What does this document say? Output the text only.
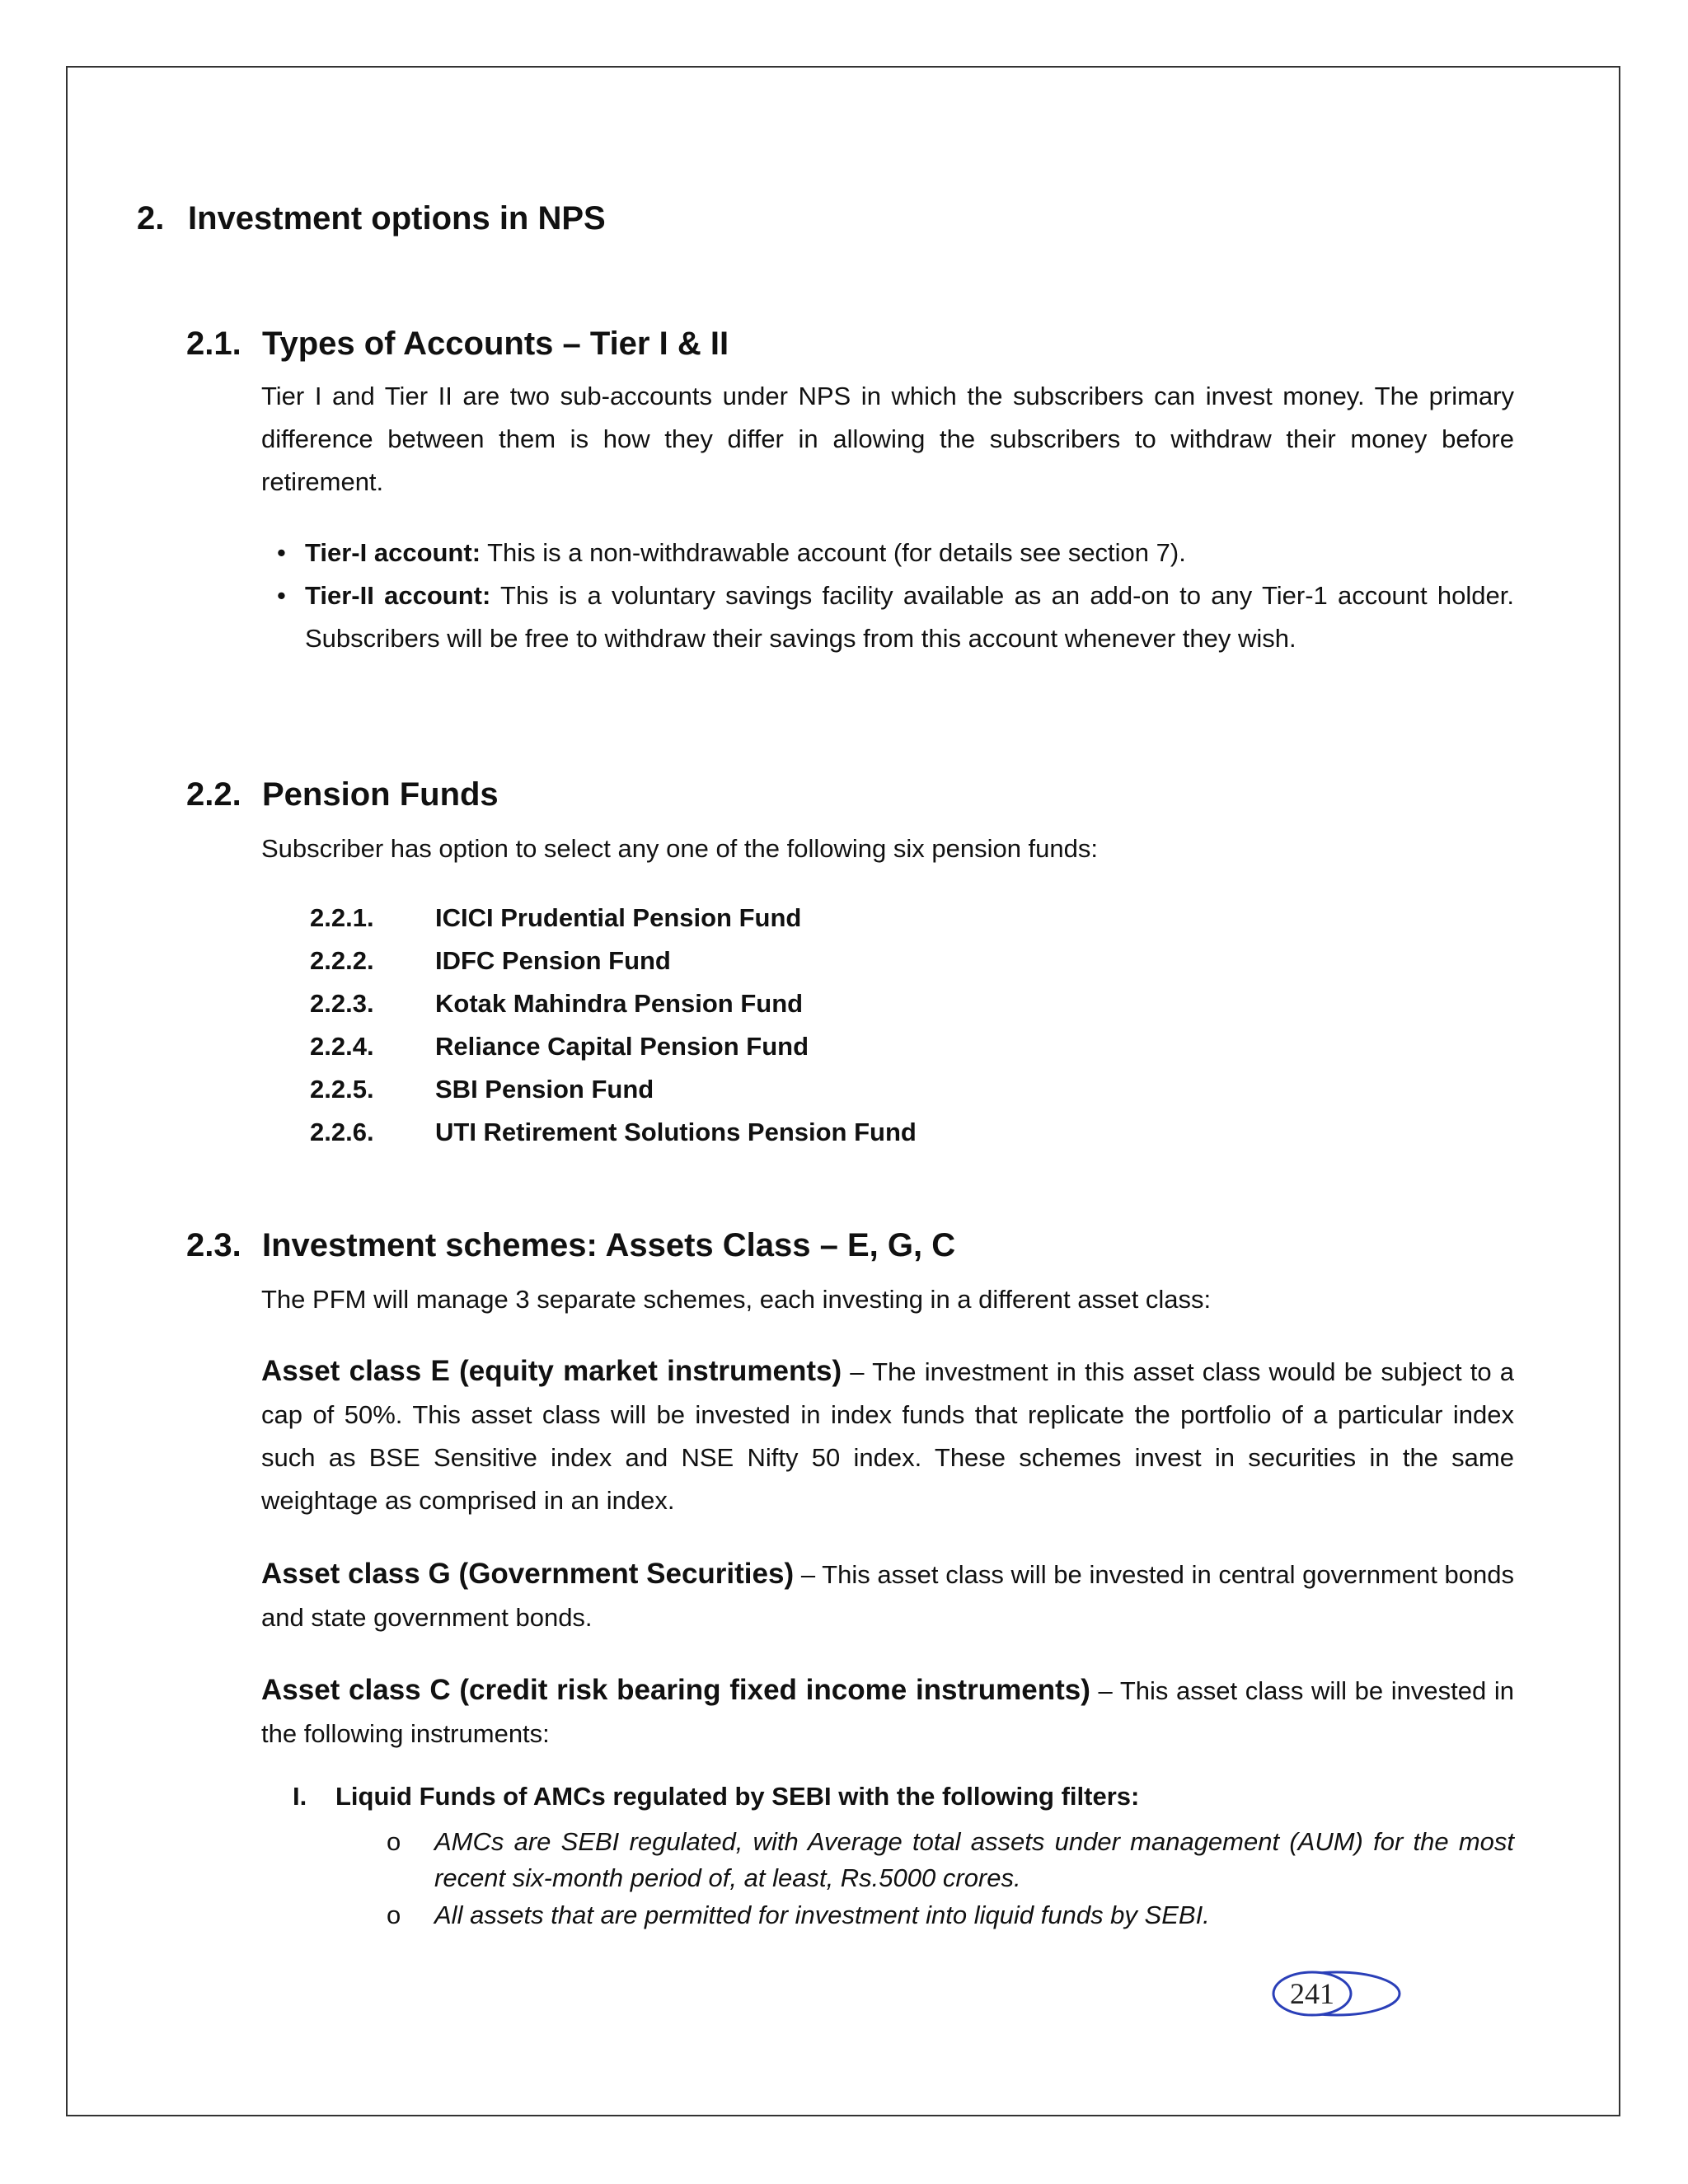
2. Investment options in NPS
2.1. Types of Accounts – Tier I & II

Tier I and Tier II are two sub-accounts under NPS in which the subscribers can invest money. The primary difference between them is how they differ in allowing the subscribers to withdraw their money before retirement.

• Tier-I account: This is a non-withdrawable account (for details see section 7).
• Tier-II account: This is a voluntary savings facility available as an add-on to any Tier-1 account holder. Subscribers will be free to withdraw their savings from this account whenever they wish.
2.2. Pension Funds

Subscriber has option to select any one of the following six pension funds:

2.2.1. ICICI Prudential Pension Fund
2.2.2. IDFC Pension Fund
2.2.3. Kotak Mahindra Pension Fund
2.2.4. Reliance Capital Pension Fund
2.2.5. SBI Pension Fund
2.2.6. UTI Retirement Solutions Pension Fund
2.3. Investment schemes: Assets Class – E, G, C

The PFM will manage 3 separate schemes, each investing in a different asset class:

Asset class E (equity market instruments) – The investment in this asset class would be subject to a cap of 50%. This asset class will be invested in index funds that replicate the portfolio of a particular index such as BSE Sensitive index and NSE Nifty 50 index. These schemes invest in securities in the same weightage as comprised in an index.

Asset class G (Government Securities) – This asset class will be invested in central government bonds and state government bonds.

Asset class C (credit risk bearing fixed income instruments) – This asset class will be invested in the following instruments:

I. Liquid Funds of AMCs regulated by SEBI with the following filters:

o AMCs are SEBI regulated, with Average total assets under management (AUM) for the most recent six-month period of, at least, Rs.5000 crores.

o All assets that are permitted for investment into liquid funds by SEBI.

241
